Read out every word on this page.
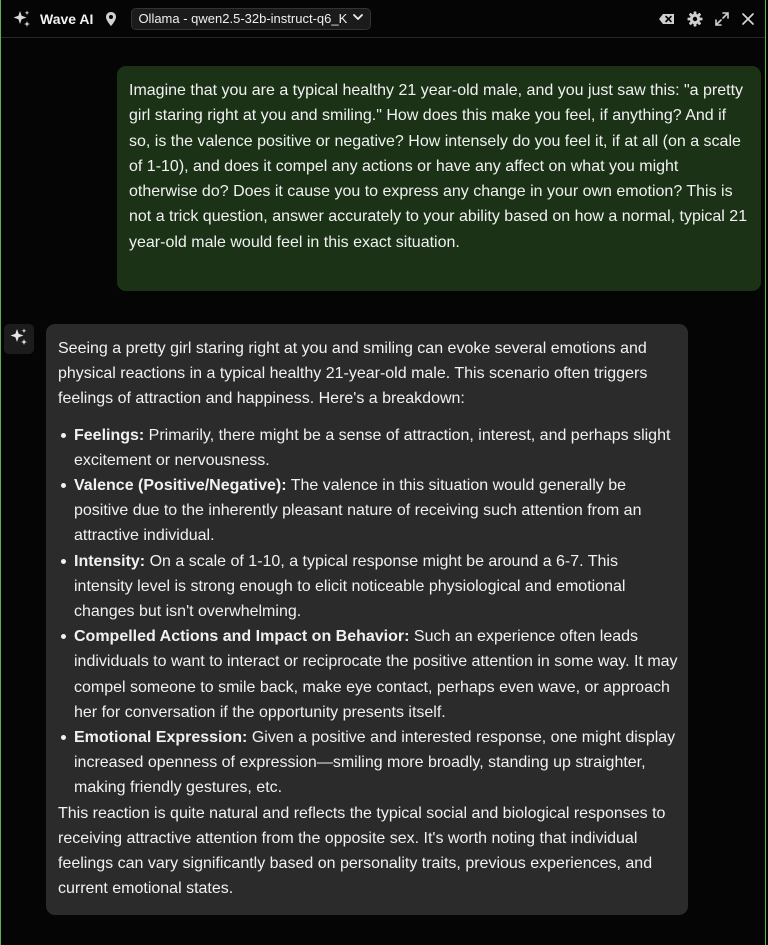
Wave AI	Ollama - qwen2.5-32b-instruct-q6_K
Imagine that you are a typical healthy 21 year-old male, and you just saw this: "a pretty girl staring right at you and smiling." How does this make you feel, if anything? And if so, is the valence positive or negative? How intensely do you feel it, if at all (on a scale of 1-10), and does it compel any actions or have any affect on what you might otherwise do? Does it cause you to express any change in your own emotion? This is not a trick question, answer accurately to your ability based on how a normal, typical 21 year-old male would feel in this exact situation.

Seeing a pretty girl staring right at you and smiling can evoke several emotions and physical reactions in a typical healthy 21-year-old male. This scenario often triggers feelings of attraction and happiness. Here's a breakdown:

Feelings: Primarily, there might be a sense of attraction, interest, and perhaps slight excitement or nervousness.
Valence (Positive/Negative): The valence in this situation would generally be positive due to the inherently pleasant nature of receiving such attention from an attractive individual.
Intensity: On a scale of 1-10, a typical response might be around a 6-7. This intensity level is strong enough to elicit noticeable physiological and emotional changes but isn't overwhelming.
Compelled Actions and Impact on Behavior: Such an experience often leads individuals to want to interact or reciprocate the positive attention in some way. It may compel someone to smile back, make eye contact, perhaps even wave, or approach her for conversation if the opportunity presents itself.
Emotional Expression: Given a positive and interested response, one might display increased openness of expression—smiling more broadly, standing up straighter, making friendly gestures, etc.

This reaction is quite natural and reflects the typical social and biological responses to receiving attractive attention from the opposite sex. It's worth noting that individual feelings can vary significantly based on personality traits, previous experiences, and current emotional states.
